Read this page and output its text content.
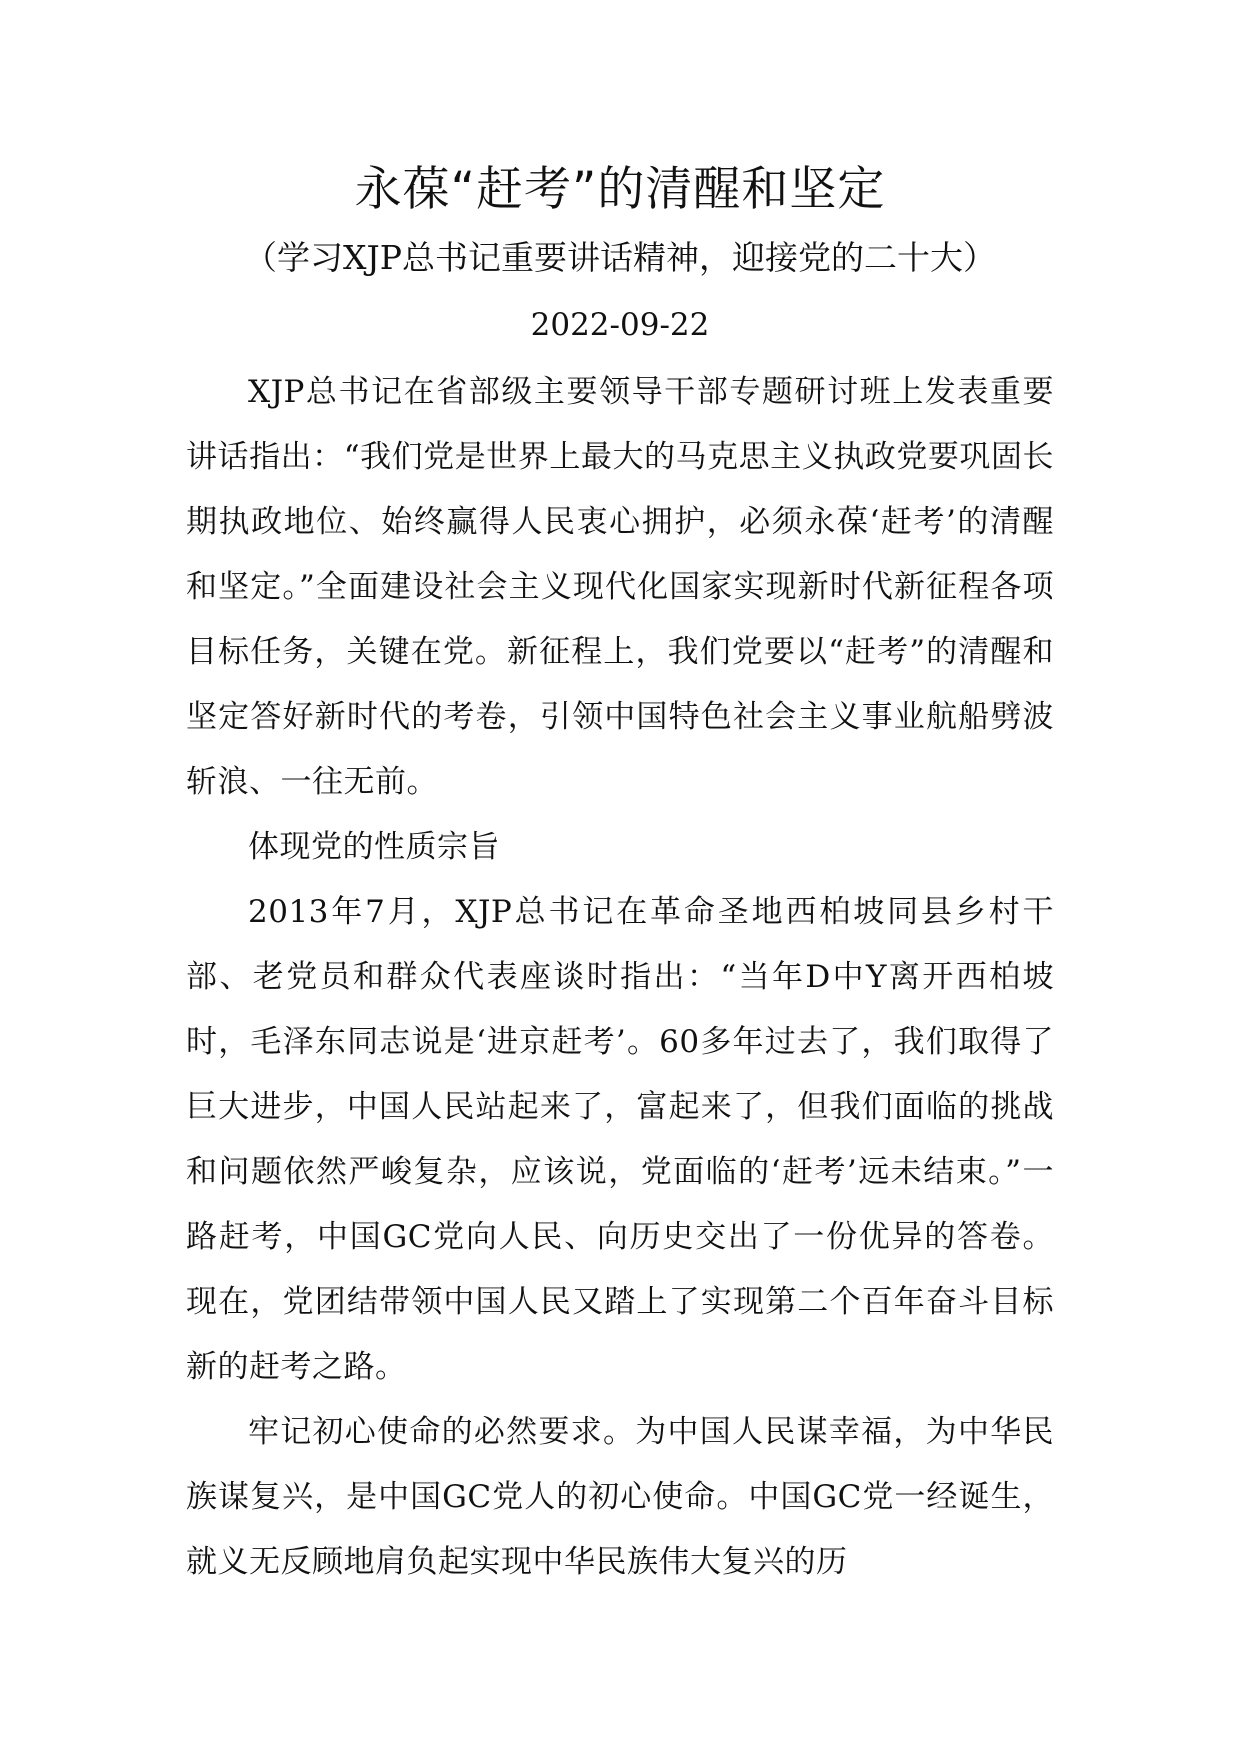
永葆“赶考”的清醒和坚定

（学习XJP总书记重要讲话精神，迎接党的二十大）

2022-09-22

XJP总书记在省部级主要领导干部专题研讨班上发表重要讲话指出：“我们党是世界上最大的马克思主义执政党要巩固长期执政地位、始终赢得人民衷心拥护，必须永葆‘赶考’的清醒和坚定。”全面建设社会主义现代化国家实现新时代新征程各项目标任务，关键在党。新征程上，我们党要以“赶考”的清醒和坚定答好新时代的考卷，引领中国特色社会主义事业航船劈波斩浪、一往无前。

体现党的性质宗旨

2013年7月，XJP总书记在革命圣地西柏坡同县乡村干部、老党员和群众代表座谈时指出：“当年D中Y离开西柏坡时，毛泽东同志说是‘进京赶考’。60多年过去了，我们取得了巨大进步，中国人民站起来了，富起来了，但我们面临的挑战和问题依然严峻复杂，应该说，党面临的‘赶考’远未结束。”一路赶考，中国GC党向人民、向历史交出了一份优异的答卷。现在，党团结带领中国人民又踏上了实现第二个百年奋斗目标新的赶考之路。

牢记初心使命的必然要求。为中国人民谋幸福，为中华民族谋复兴，是中国GC党人的初心使命。中国GC党一经诞生，就义无反顾地肩负起实现中华民族伟大复兴的历
